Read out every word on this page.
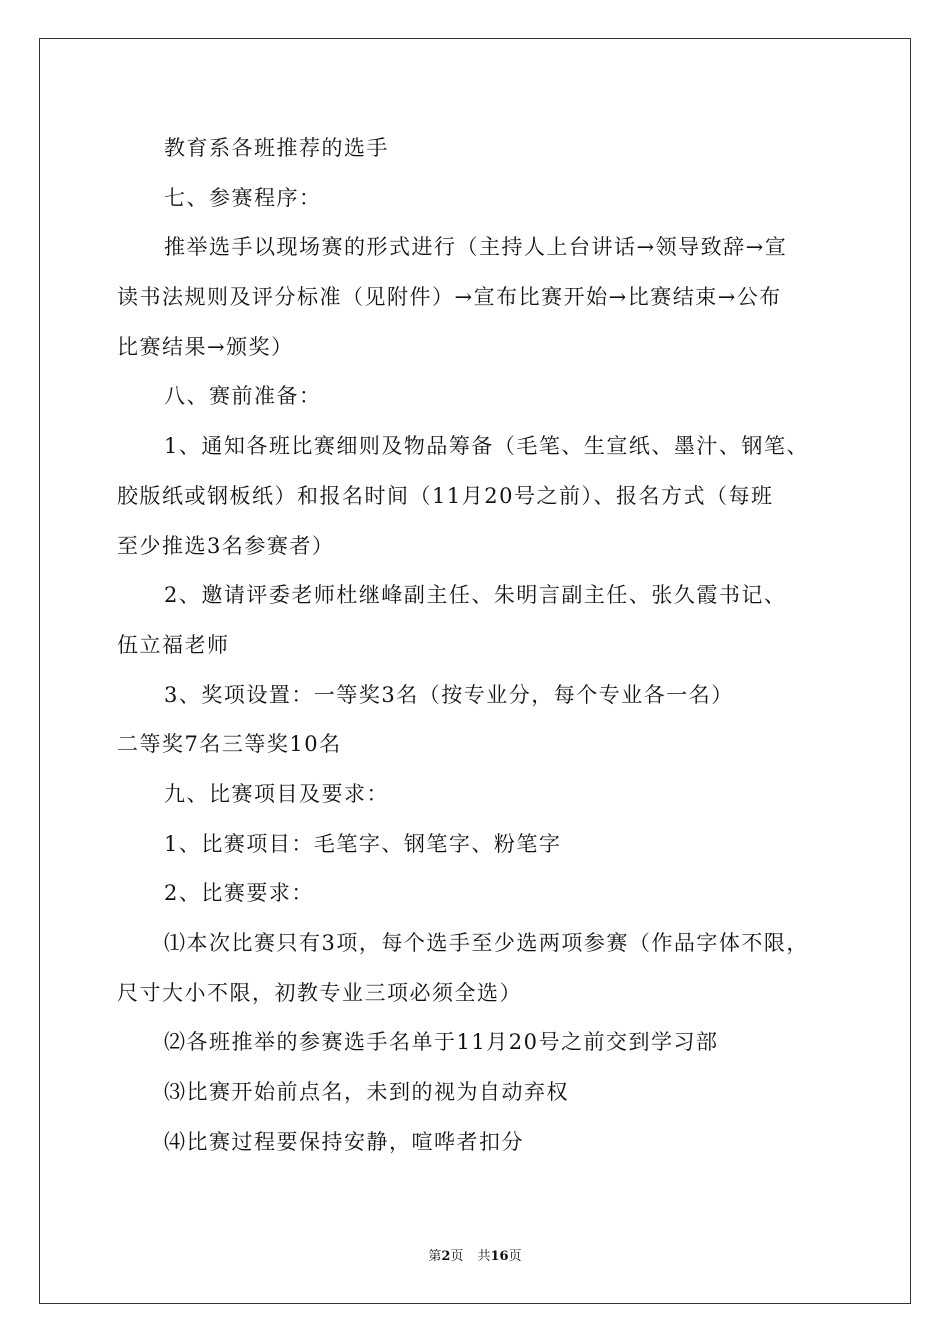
教育系各班推荐的选手
七、参赛程序：
推举选手以现场赛的形式进行（主持人上台讲话→领导致辞→宣
读书法规则及评分标准（见附件）→宣布比赛开始→比赛结束→公布
比赛结果→颁奖）
八、赛前准备：
1、通知各班比赛细则及物品筹备（毛笔、生宣纸、墨汁、钢笔、
胶版纸或钢板纸）和报名时间（11月20号之前）、报名方式（每班
至少推选3名参赛者）
2、邀请评委老师杜继峰副主任、朱明言副主任、张久霞书记、
伍立福老师
3、奖项设置：一等奖3名（按专业分，每个专业各一名）
二等奖7名三等奖10名
九、比赛项目及要求：
1、比赛项目：毛笔字、钢笔字、粉笔字
2、比赛要求：
⑴本次比赛只有3项，每个选手至少选两项参赛（作品字体不限，
尺寸大小不限，初教专业三项必须全选）
⑵各班推举的参赛选手名单于11月20号之前交到学习部
⑶比赛开始前点名，未到的视为自动弃权
⑷比赛过程要保持安静，喧哗者扣分
第2页 共16页
